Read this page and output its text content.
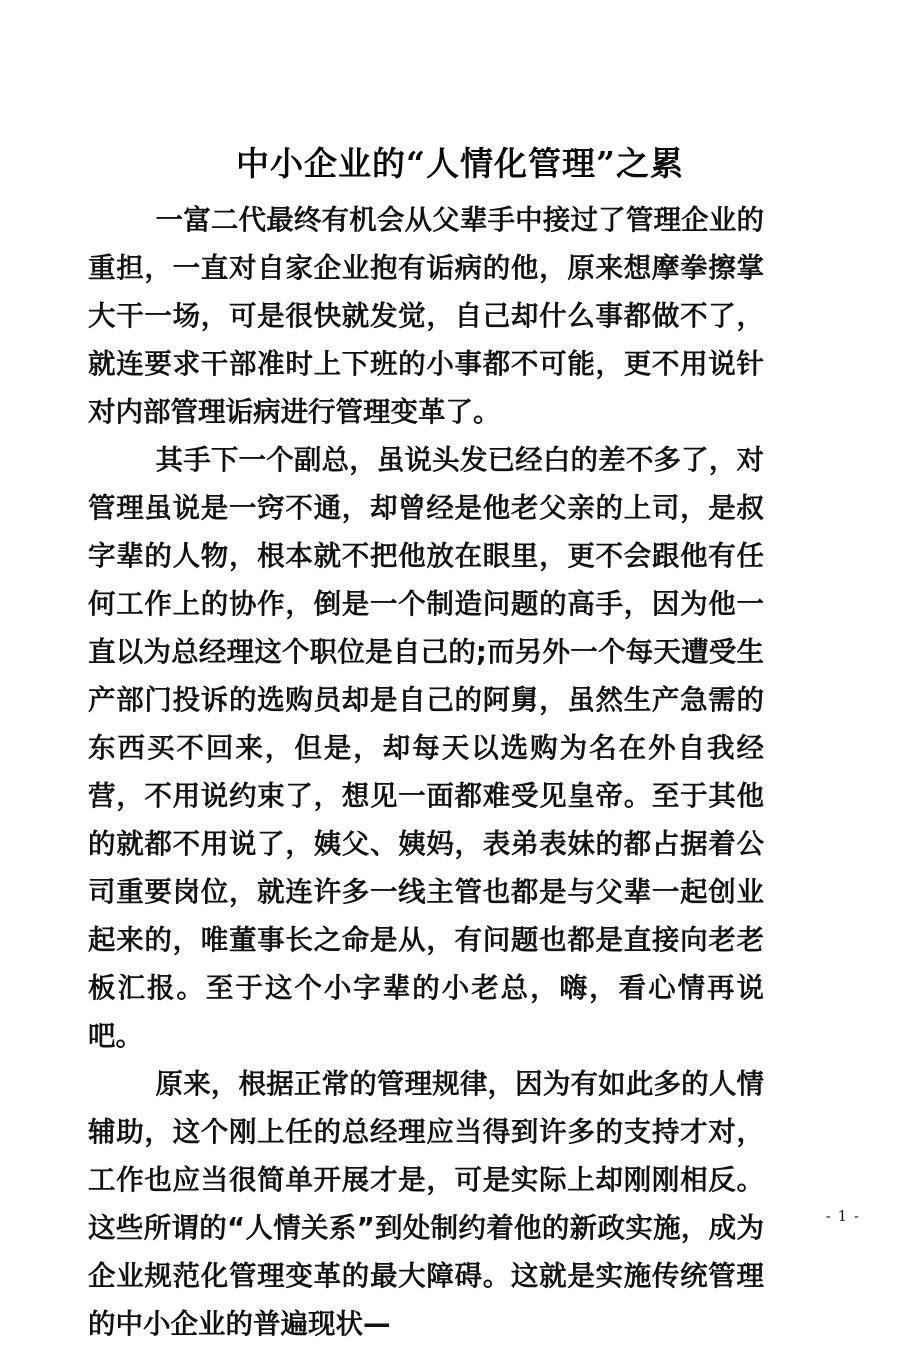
中小企业的“人情化管理”之累

一富二代最终有机会从父辈手中接过了管理企业的重担，一直对自家企业抱有诟病的他，原来想摩拳擦掌大干一场，可是很快就发觉，自己却什么事都做不了，就连要求干部准时上下班的小事都不可能，更不用说针对内部管理诟病进行管理变革了。

其手下一个副总，虽说头发已经白的差不多了，对管理虽说是一窍不通，却曾经是他老父亲的上司，是叔字辈的人物，根本就不把他放在眼里，更不会跟他有任何工作上的协作，倒是一个制造问题的高手，因为他一直以为总经理这个职位是自己的;而另外一个每天遭受生产部门投诉的选购员却是自己的阿舅，虽然生产急需的东西买不回来，但是，却每天以选购为名在外自我经营，不用说约束了，想见一面都难受见皇帝。至于其他的就都不用说了，姨父、姨妈，表弟表妹的都占据着公司重要岗位，就连许多一线主管也都是与父辈一起创业起来的，唯董事长之命是从，有问题也都是直接向老老板汇报。至于这个小字辈的小老总，嗨，看心情再说吧。

原来，根据正常的管理规律，因为有如此多的人情辅助，这个刚上任的总经理应当得到许多的支持才对，工作也应当很简单开展才是，可是实际上却刚刚相反。这些所谓的“人情关系”到处制约着他的新政实施，成为企业规范化管理变革的最大障碍。这就是实施传统管理的中小企业的普遍现状—

- 1 -
